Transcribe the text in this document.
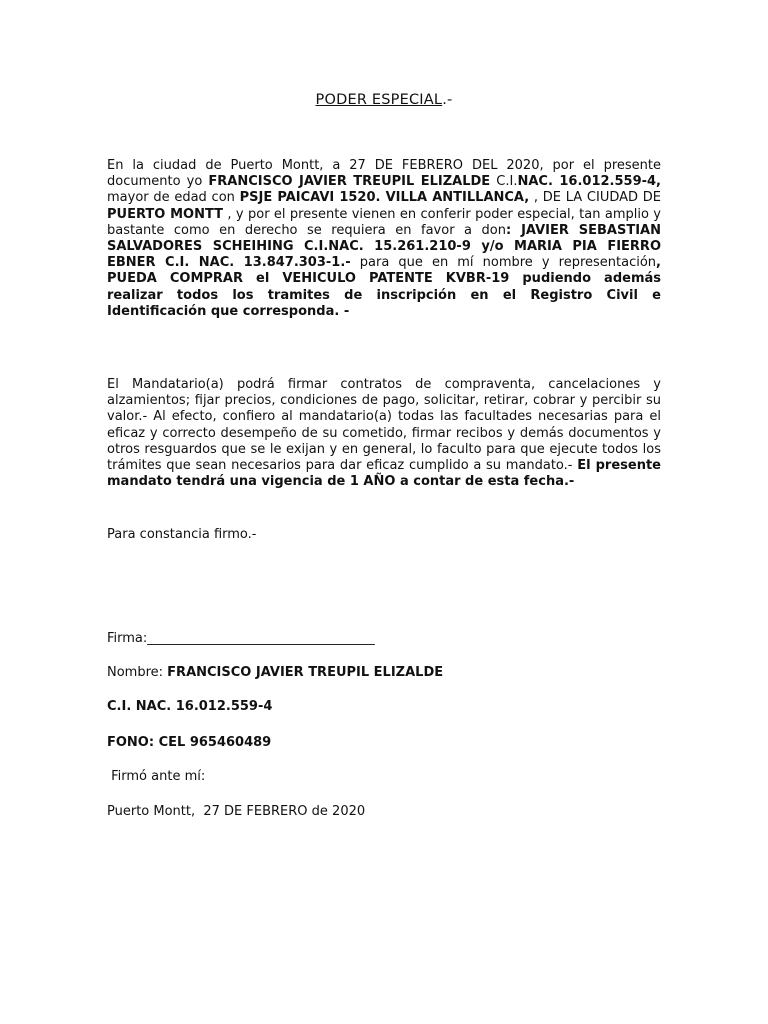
PODER ESPECIAL.-

En la ciudad de Puerto Montt, a 27 DE FEBRERO DEL 2020, por el presente documento yo FRANCISCO JAVIER TREUPIL ELIZALDE C.I.NAC. 16.012.559-4, mayor de edad con PSJE PAICAVI 1520. VILLA ANTILLANCA, , DE LA CIUDAD DE PUERTO MONTT , y por el presente vienen en conferir poder especial, tan amplio y bastante como en derecho se requiera en favor a don: JAVIER SEBASTIAN SALVADORES SCHEIHING C.I.NAC. 15.261.210-9 y/o MARIA PIA FIERRO EBNER C.I. NAC. 13.847.303-1.- para que en mí nombre y representación, PUEDA COMPRAR el VEHICULO PATENTE KVBR-19 pudiendo además realizar todos los tramites de inscripción en el Registro Civil e Identificación que corresponda. -

El Mandatario(a) podrá firmar contratos de compraventa, cancelaciones y alzamientos; fijar precios, condiciones de pago, solicitar, retirar, cobrar y percibir su valor.- Al efecto, confiero al mandatario(a) todas las facultades necesarias para el eficaz y correcto desempeño de su cometido, firmar recibos y demás documentos y otros resguardos que se le exijan y en general, lo faculto para que ejecute todos los trámites que sean necesarios para dar eficaz cumplido a su mandato.- El presente mandato tendrá una vigencia de 1 AÑO a contar de esta fecha.-

Para constancia firmo.-
Firma:___________________________________
Nombre: FRANCISCO JAVIER TREUPIL ELIZALDE
C.I. NAC. 16.012.559-4
FONO: CEL 965460489
Firmó ante mí:
Puerto Montt,  27 DE FEBRERO de 2020
